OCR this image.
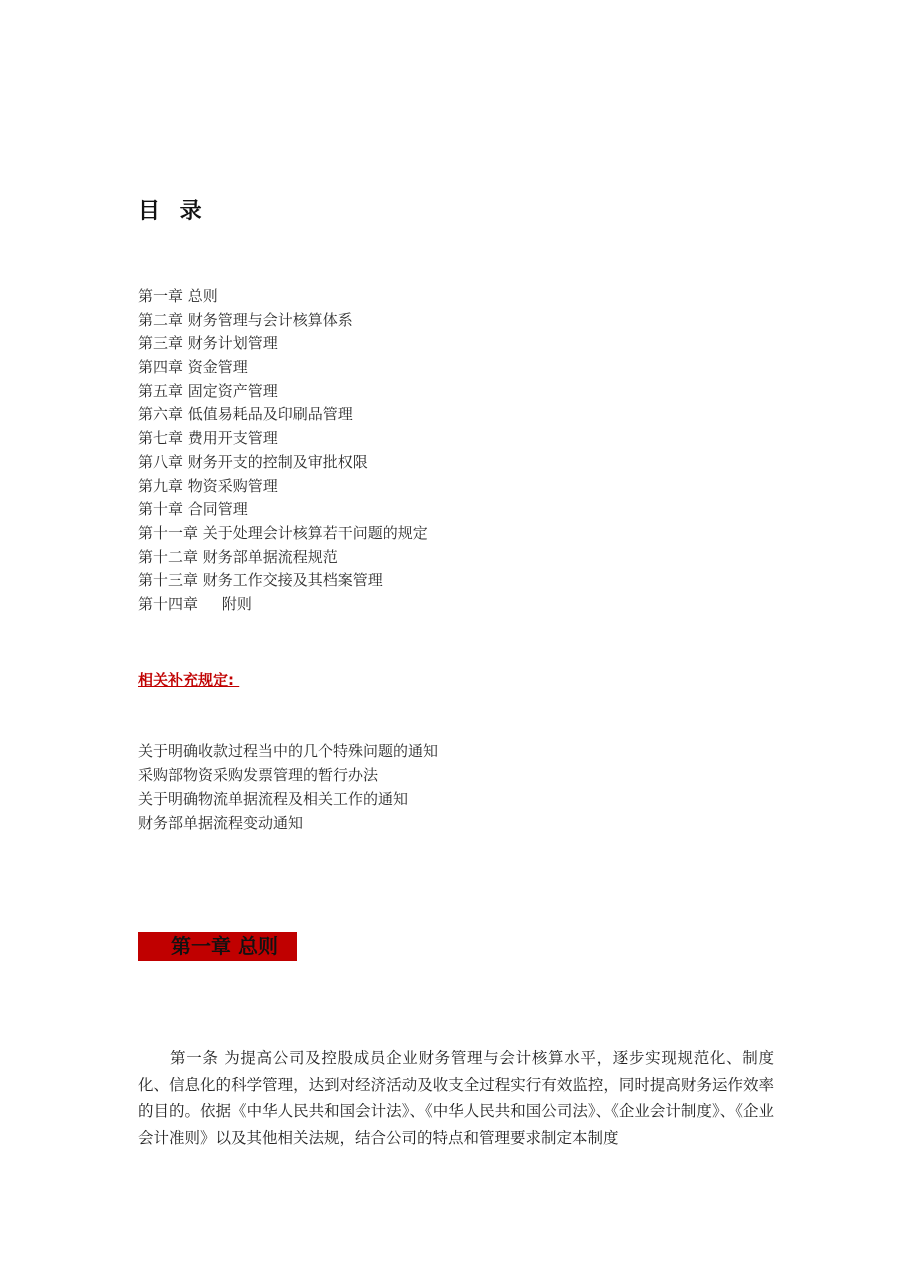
目 录
第一章 总则
第二章 财务管理与会计核算体系
第三章 财务计划管理
第四章 资金管理
第五章 固定资产管理
第六章 低值易耗品及印刷品管理
第七章 费用开支管理
第八章 财务开支的控制及审批权限
第九章 物资采购管理
第十章 合同管理
第十一章 关于处理会计核算若干问题的规定
第十二章 财务部单据流程规范
第十三章 财务工作交接及其档案管理
第十四章     附则
相关补充规定:
关于明确收款过程当中的几个特殊问题的通知
采购部物资采购发票管理的暂行办法
关于明确物流单据流程及相关工作的通知
财务部单据流程变动通知
第一章 总则

第一条 为提高公司及控股成员企业财务管理与会计核算水平，逐步实现规范化、制度化、信息化的科学管理，达到对经济活动及收支全过程实行有效监控，同时提高财务运作效率的目的。依据《中华人民共和国会计法》、《中华人民共和国公司法》、《企业会计制度》、《企业会计准则》以及其他相关法规，结合公司的特点和管理要求制定本制度
